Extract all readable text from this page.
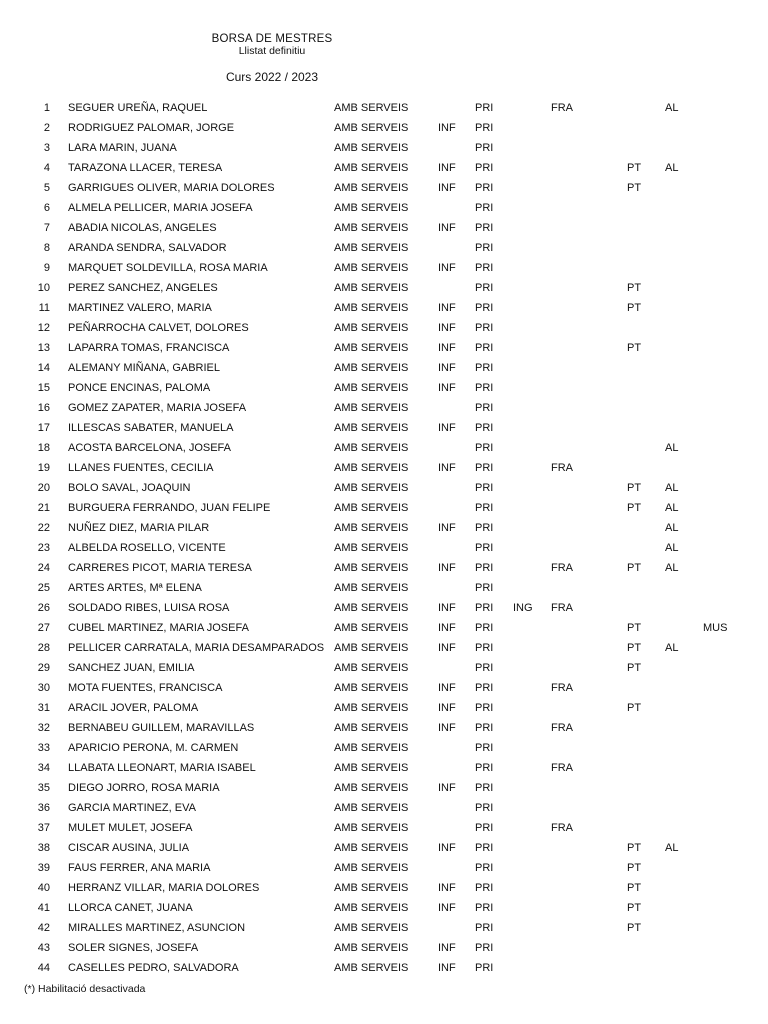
BORSA DE MESTRES
Llistat definitiu
Curs 2022 / 2023
1 SEGUER UREÑA, RAQUEL	AMB SERVEIS	PRI	FRA	AL
2 RODRIGUEZ PALOMAR, JORGE	AMB SERVEIS	INF PRI
3 LARA MARIN, JUANA	AMB SERVEIS	PRI
4 TARAZONA LLACER, TERESA	AMB SERVEIS	INF PRI	PT AL
5 GARRIGUES OLIVER, MARIA DOLORES	AMB SERVEIS	INF PRI	PT
6 ALMELA PELLICER, MARIA JOSEFA	AMB SERVEIS	PRI
7 ABADIA NICOLAS, ANGELES	AMB SERVEIS	INF PRI
8 ARANDA SENDRA, SALVADOR	AMB SERVEIS	PRI
9 MARQUET SOLDEVILLA, ROSA MARIA	AMB SERVEIS	INF PRI
10 PEREZ SANCHEZ, ANGELES	AMB SERVEIS	PRI	PT
11 MARTINEZ VALERO, MARIA	AMB SERVEIS	INF PRI	PT
12 PEÑARROCHA CALVET, DOLORES	AMB SERVEIS	INF PRI
13 LAPARRA TOMAS, FRANCISCA	AMB SERVEIS	INF PRI	PT
14 ALEMANY MIÑANA, GABRIEL	AMB SERVEIS	INF PRI
15 PONCE ENCINAS, PALOMA	AMB SERVEIS	INF PRI
16 GOMEZ ZAPATER, MARIA JOSEFA	AMB SERVEIS	PRI
17 ILLESCAS SABATER, MANUELA	AMB SERVEIS	INF PRI
18 ACOSTA BARCELONA, JOSEFA	AMB SERVEIS	PRI	AL
19 LLANES FUENTES, CECILIA	AMB SERVEIS	INF PRI	FRA
20 BOLO SAVAL, JOAQUIN	AMB SERVEIS	PRI	PT AL
21 BURGUERA FERRANDO, JUAN FELIPE	AMB SERVEIS	PRI	PT AL
22 NUÑEZ DIEZ, MARIA PILAR	AMB SERVEIS	INF PRI	AL
23 ALBELDA ROSELLO, VICENTE	AMB SERVEIS	PRI	AL
24 CARRERES PICOT, MARIA TERESA	AMB SERVEIS	INF PRI	FRA	PT AL
25 ARTES ARTES, Mª ELENA	AMB SERVEIS	PRI
26 SOLDADO RIBES, LUISA ROSA	AMB SERVEIS	INF PRI ING FRA
27 CUBEL MARTINEZ, MARIA JOSEFA	AMB SERVEIS	INF PRI	PT	MUS
28 PELLICER CARRATALA, MARIA DESAMPARADOS AMB SERVEIS	INF PRI	PT AL
29 SANCHEZ JUAN, EMILIA	AMB SERVEIS	PRI	PT
30 MOTA FUENTES, FRANCISCA	AMB SERVEIS	INF PRI	FRA
31 ARACIL JOVER, PALOMA	AMB SERVEIS	INF PRI	PT
32 BERNABEU GUILLEM, MARAVILLAS	AMB SERVEIS	INF PRI	FRA
33 APARICIO PERONA, M. CARMEN	AMB SERVEIS	PRI
34 LLABATA LLEONART, MARIA ISABEL	AMB SERVEIS	PRI	FRA
35 DIEGO JORRO, ROSA MARIA	AMB SERVEIS	INF PRI
36 GARCIA MARTINEZ, EVA	AMB SERVEIS	PRI
37 MULET MULET, JOSEFA	AMB SERVEIS	PRI	FRA
38 CISCAR AUSINA, JULIA	AMB SERVEIS	INF PRI	PT AL
39 FAUS FERRER, ANA MARIA	AMB SERVEIS	PRI	PT
40 HERRANZ VILLAR, MARIA DOLORES	AMB SERVEIS	INF PRI	PT
41 LLORCA CANET, JUANA	AMB SERVEIS	INF PRI	PT
42 MIRALLES MARTINEZ, ASUNCION	AMB SERVEIS	PRI	PT
43 SOLER SIGNES, JOSEFA	AMB SERVEIS	INF PRI
44 CASELLES PEDRO, SALVADORA	AMB SERVEIS	INF PRI
(*) Habilitació desactivada
